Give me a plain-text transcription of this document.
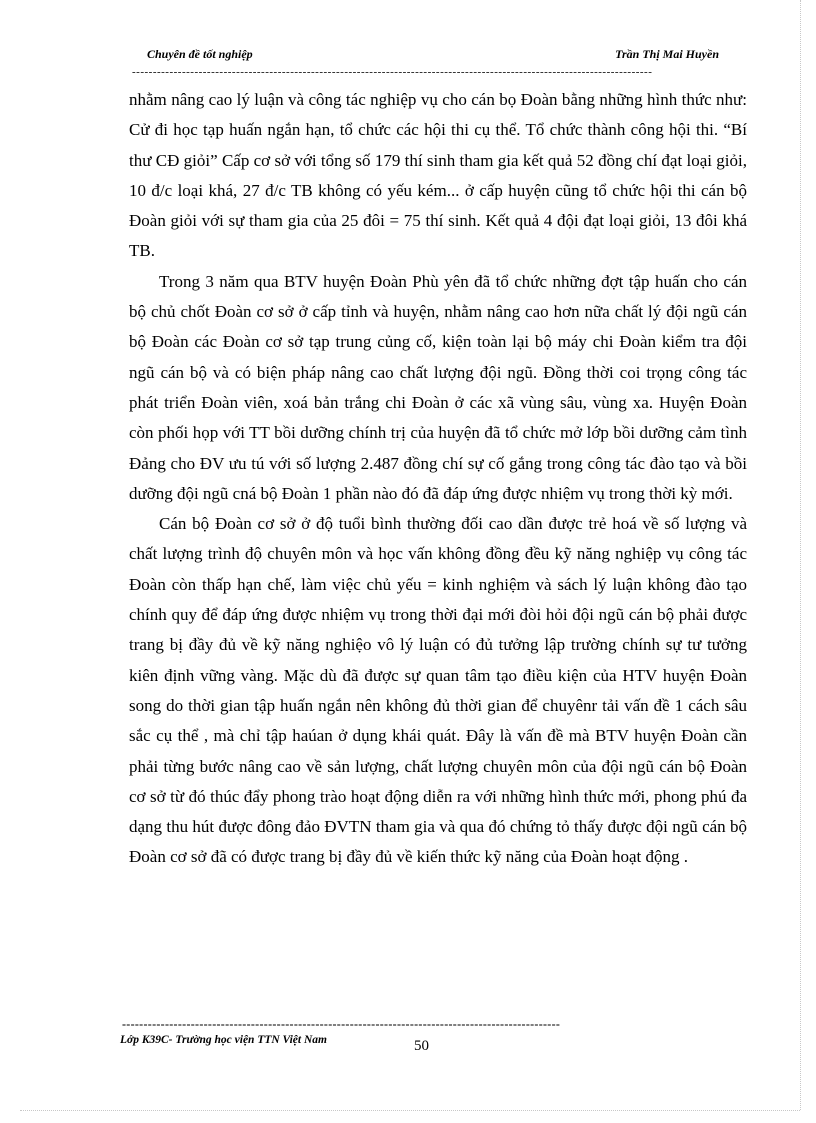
Chuyên đề tốt nghiệp	Trần Thị Mai Huyền
-----------------------------------------------------------------------------------------------------------------------------

nhằm nâng cao lý luận và công tác nghiệp vụ cho cán bọ Đoàn bằng những hình thức như: Cử đi học tạp huấn ngắn hạn, tổ chức các hội thi cụ thể. Tổ chức thành công hội thi. “Bí thư CĐ giỏi” Cấp cơ sở với tổng số 179 thí sinh tham gia kết quả 52 đồng chí đạt loại giỏi, 10 đ/c loại khá, 27 đ/c TB không có yếu kém... ở cấp huyện cũng tổ chức hội thi cán bộ Đoàn giỏi với sự tham gia của 25 đôi = 75 thí sinh. Kết quả 4 đội đạt loại giỏi, 13 đôi khá TB.

Trong 3 năm qua BTV huyện Đoàn Phù yên đã tổ chức những đợt tập huấn cho cán bộ chủ chốt Đoàn cơ sở ở cấp tỉnh và huyện, nhằm nâng cao hơn nữa chất lý đội ngũ cán bộ Đoàn các Đoàn cơ sở tạp trung củng cố, kiện toàn lại bộ máy chi Đoàn kiểm tra đội ngũ cán bộ và có biện pháp nâng cao chất lượng đội ngũ. Đồng thời coi trọng công tác phát triển Đoàn viên, xoá bản trắng chi Đoàn ở các xã vùng sâu, vùng xa. Huyện Đoàn còn phối họp với TT bồi dưỡng chính trị của huyện đã tổ chức mở lớp bồi dưỡng cảm tình Đảng cho ĐV ưu tú với số lượng 2.487 đồng chí sự cố gắng trong công tác đào tạo và bồi dưỡng đội ngũ cná bộ Đoàn 1 phần nào đó đã đáp ứng được nhiệm vụ trong thời kỳ mới.

Cán bộ Đoàn cơ sở ở độ tuổi bình thường đối cao dần được trẻ hoá về số lượng và chất lượng trình độ chuyên môn và học vấn không đồng đều kỹ năng nghiệp vụ công tác Đoàn còn thấp hạn chế, làm việc chủ yếu = kinh nghiệm và sách lý luận không đào tạo chính quy để đáp ứng được nhiệm vụ trong thời đại mới đòi hỏi đội ngũ cán bộ phải được trang bị đầy đủ về kỹ năng nghiệo vô lý luận có đủ tưởng lập trường chính sự tư tưởng kiên định vững vàng. Mặc dù đã được sự quan tâm tạo điều kiện của HTV huyện Đoàn song do thời gian tập huấn ngắn nên không đủ thời gian để chuyênr tải vấn đề 1 cách sâu sắc cụ thể , mà chỉ tập haúan ở dụng khái quát. Đây là vấn đề mà BTV huyện Đoàn cần phải từng bước nâng cao về sản lượng, chất lượng chuyên môn của đội ngũ cán bộ Đoàn cơ sở từ đó thúc đẩy phong trào hoạt động diễn ra với những hình thức mới, phong phú đa dạng thu hút được đông đảo ĐVTN tham gia và qua đó chứng tỏ thấy được đội ngũ cán bộ Đoàn cơ sở đã có được trang bị đầy đủ về kiến thức kỹ năng của Đoàn hoạt động .

------------------------------------------------------------------------------------------------------
Lớp K39C- Trường học viện TTN Việt Nam	50
